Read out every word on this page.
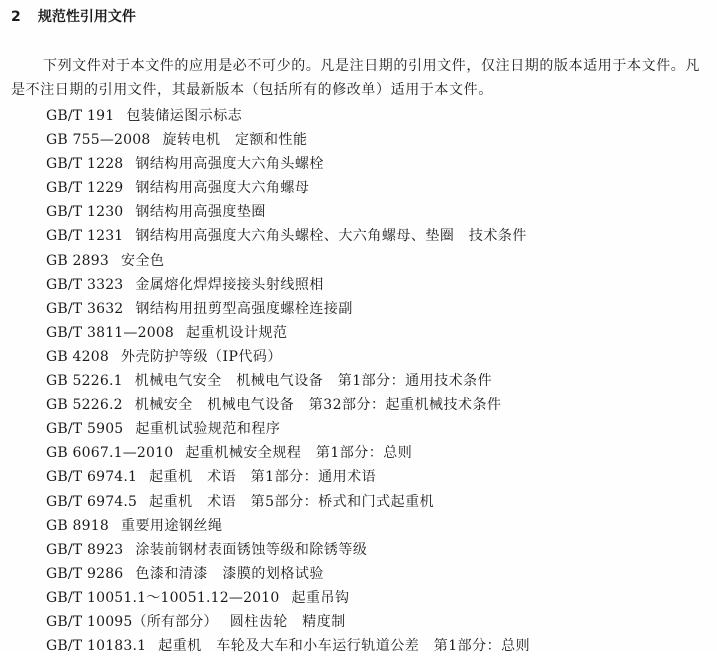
2 规范性引用文件
下列文件对于本文件的应用是必不可少的。凡是注日期的引用文件，仅注日期的版本适用于本文件。凡是不注日期的引用文件，其最新版本（包括所有的修改单）适用于本文件。
GB/T 191 包装储运图示标志
GB 755—2008 旋转电机　定额和性能
GB/T 1228 钢结构用高强度大六角头螺栓
GB/T 1229 钢结构用高强度大六角螺母
GB/T 1230 钢结构用高强度垫圈
GB/T 1231 钢结构用高强度大六角头螺栓、大六角螺母、垫圈　技术条件
GB 2893 安全色
GB/T 3323 金属熔化焊焊接接头射线照相
GB/T 3632 钢结构用扭剪型高强度螺栓连接副
GB/T 3811—2008 起重机设计规范
GB 4208 外壳防护等级（IP代码）
GB 5226.1 机械电气安全　机械电气设备　第1部分：通用技术条件
GB 5226.2 机械安全　机械电气设备　第32部分：起重机械技术条件
GB/T 5905 起重机试验规范和程序
GB 6067.1—2010 起重机械安全规程　第1部分：总则
GB/T 6974.1 起重机　术语　第1部分：通用术语
GB/T 6974.5 起重机　术语　第5部分：桥式和门式起重机
GB 8918 重要用途钢丝绳
GB/T 8923 涂装前钢材表面锈蚀等级和除锈等级
GB/T 9286 色漆和清漆　漆膜的划格试验
GB/T 10051.1～10051.12—2010 起重吊钩
GB/T 10095（所有部分） 圆柱齿轮　精度制
GB/T 10183.1 起重机　车轮及大车和小车运行轨道公差　第1部分：总则
